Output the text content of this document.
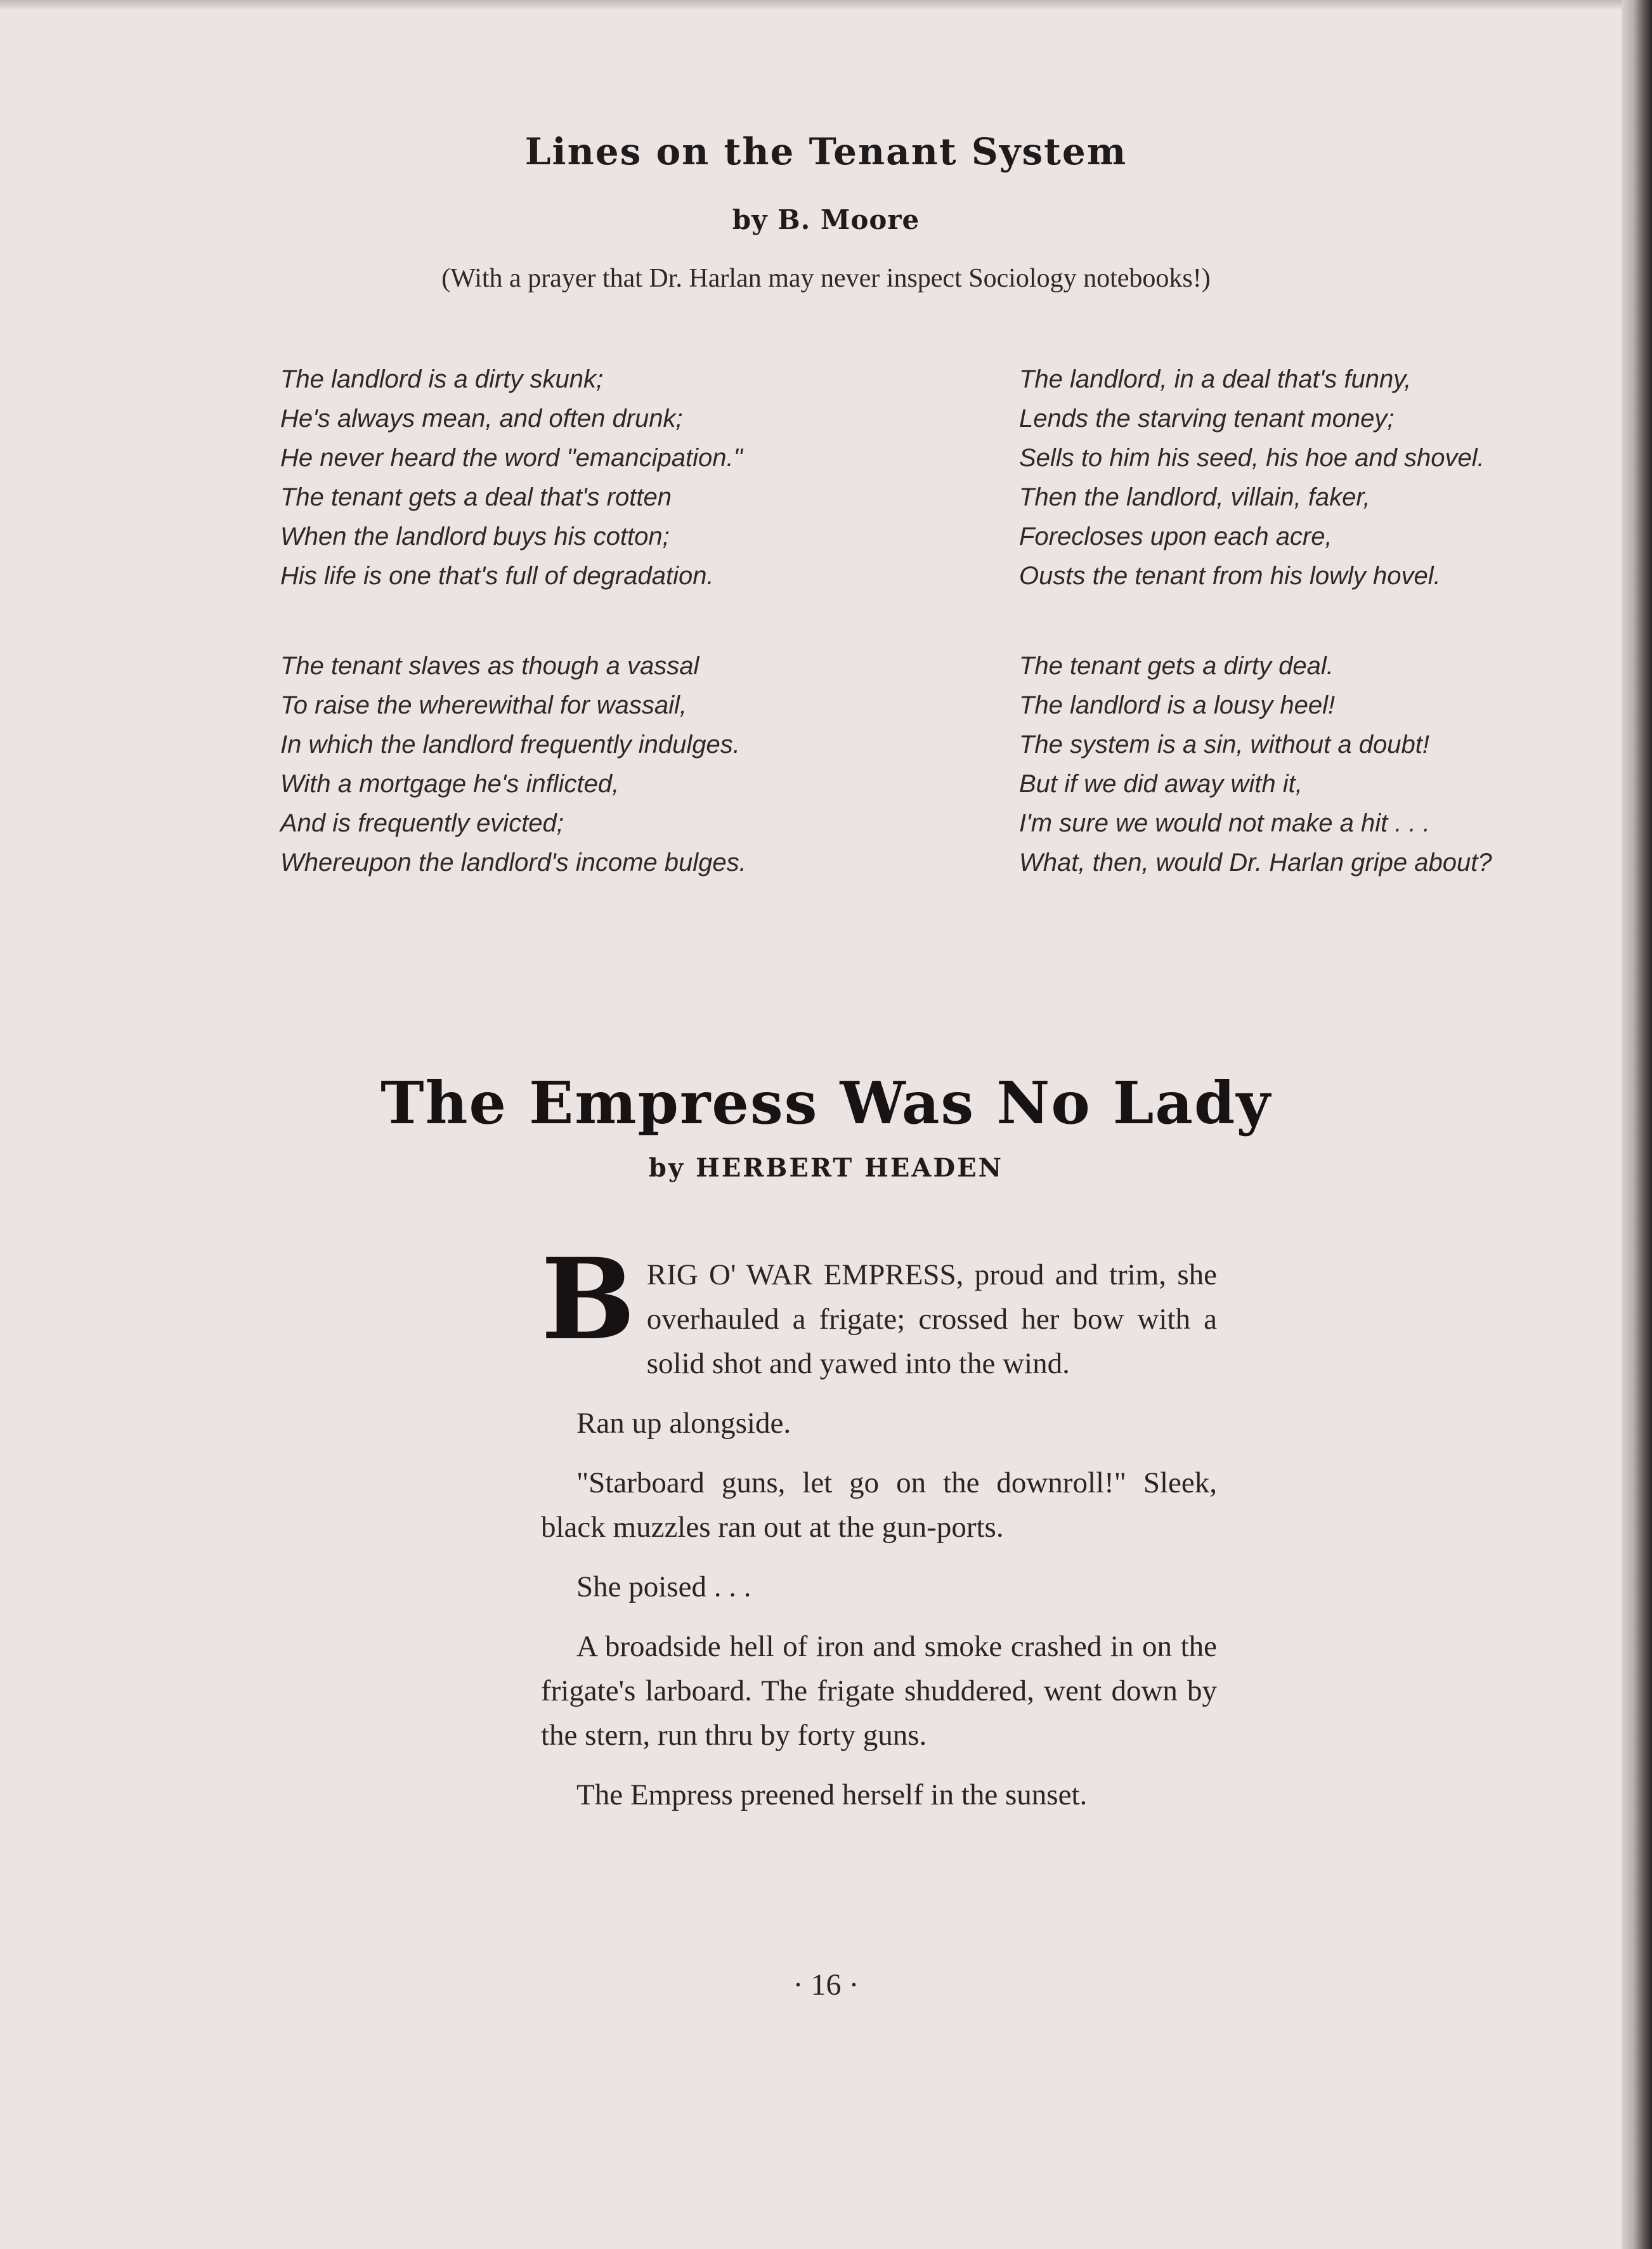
Lines on the Tenant System
by B. Moore
(With a prayer that Dr. Harlan may never inspect Sociology notebooks!)
The landlord is a dirty skunk;
He's always mean, and often drunk;
He never heard the word "emancipation."
The tenant gets a deal that's rotten
When the landlord buys his cotton;
His life is one that's full of degradation.
The landlord, in a deal that's funny,
Lends the starving tenant money;
Sells to him his seed, his hoe and shovel.
Then the landlord, villain, faker,
Forecloses upon each acre,
Ousts the tenant from his lowly hovel.
The tenant slaves as though a vassal
To raise the wherewithal for wassail,
In which the landlord frequently indulges.
With a mortgage he's inflicted,
And is frequently evicted;
Whereupon the landlord's income bulges.
The tenant gets a dirty deal.
The landlord is a lousy heel!
The system is a sin, without a doubt!
But if we did away with it,
I'm sure we would not make a hit . . .
What, then, would Dr. Harlan gripe about?
The Empress Was No Lady
by HERBERT HEADEN

BRIG O' WAR EMPRESS, proud and trim, she overhauled a frigate; crossed her bow with a solid shot and yawed into the wind.

Ran up alongside.

"Starboard guns, let go on the downroll!" Sleek, black muzzles ran out at the gun-ports.

She poised . . .

A broadside hell of iron and smoke crashed in on the frigate's larboard. The frigate shuddered, went down by the stern, run thru by forty guns.

The Empress preened herself in the sunset.

· 16 ·
